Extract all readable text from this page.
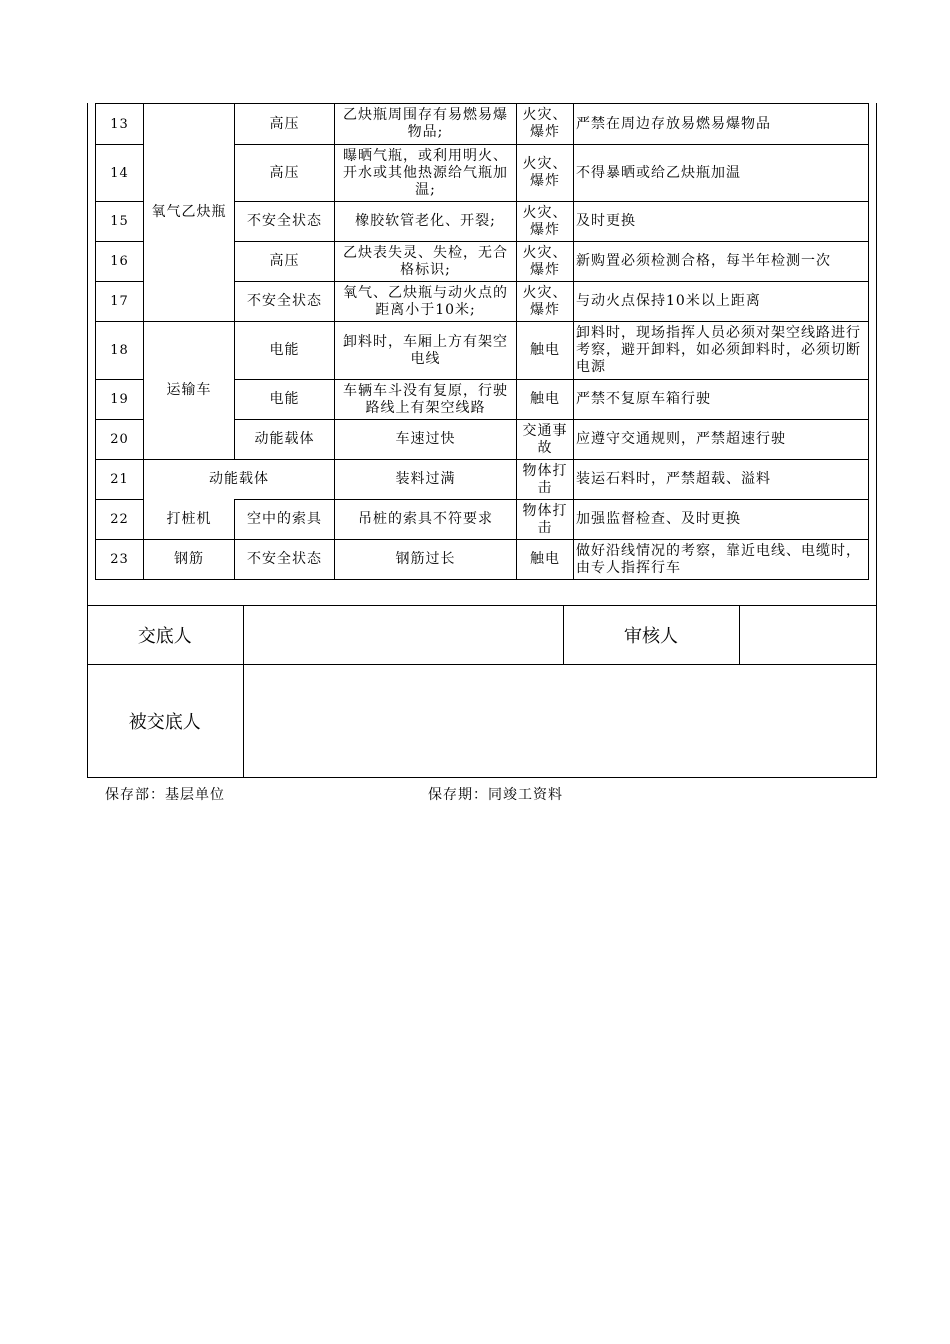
13	氧气乙炔瓶	高压	乙炔瓶周围存有易燃易爆物品;	火灾、爆炸	严禁在周边存放易燃易爆物品
14		高压	曝晒气瓶，或利用明火、开水或其他热源给气瓶加温;	火灾、爆炸	不得暴晒或给乙炔瓶加温
15		不安全状态	橡胶软管老化、开裂;	火灾、爆炸	及时更换
16		高压	乙炔表失灵、失检，无合格标识;	火灾、爆炸	新购置必须检测合格，每半年检测一次
17		不安全状态	氧气、乙炔瓶与动火点的距离小于10米;	火灾、爆炸	与动火点保持10米以上距离
18	运输车	电能	卸料时，车厢上方有架空电线	触电	卸料时，现场指挥人员必须对架空线路进行考察，避开卸料，如必须卸料时，必须切断电源
19		电能	车辆车斗没有复原，行驶路线上有架空线路	触电	严禁不复原车箱行驶
20		动能载体	车速过快	交通事故	应遵守交通规则，严禁超速行驶
21	动能载体		装料过满	物体打击	装运石料时，严禁超载、溢料
22	打桩机	空中的索具	吊桩的索具不符要求	物体打击	加强监督检查、及时更换
23	钢筋	不安全状态	钢筋过长	触电	做好沿线情况的考察，靠近电线、电缆时，由专人指挥行车
交底人		审核人	
被交底人			
保存部：基层单位	保存期：同竣工资料
